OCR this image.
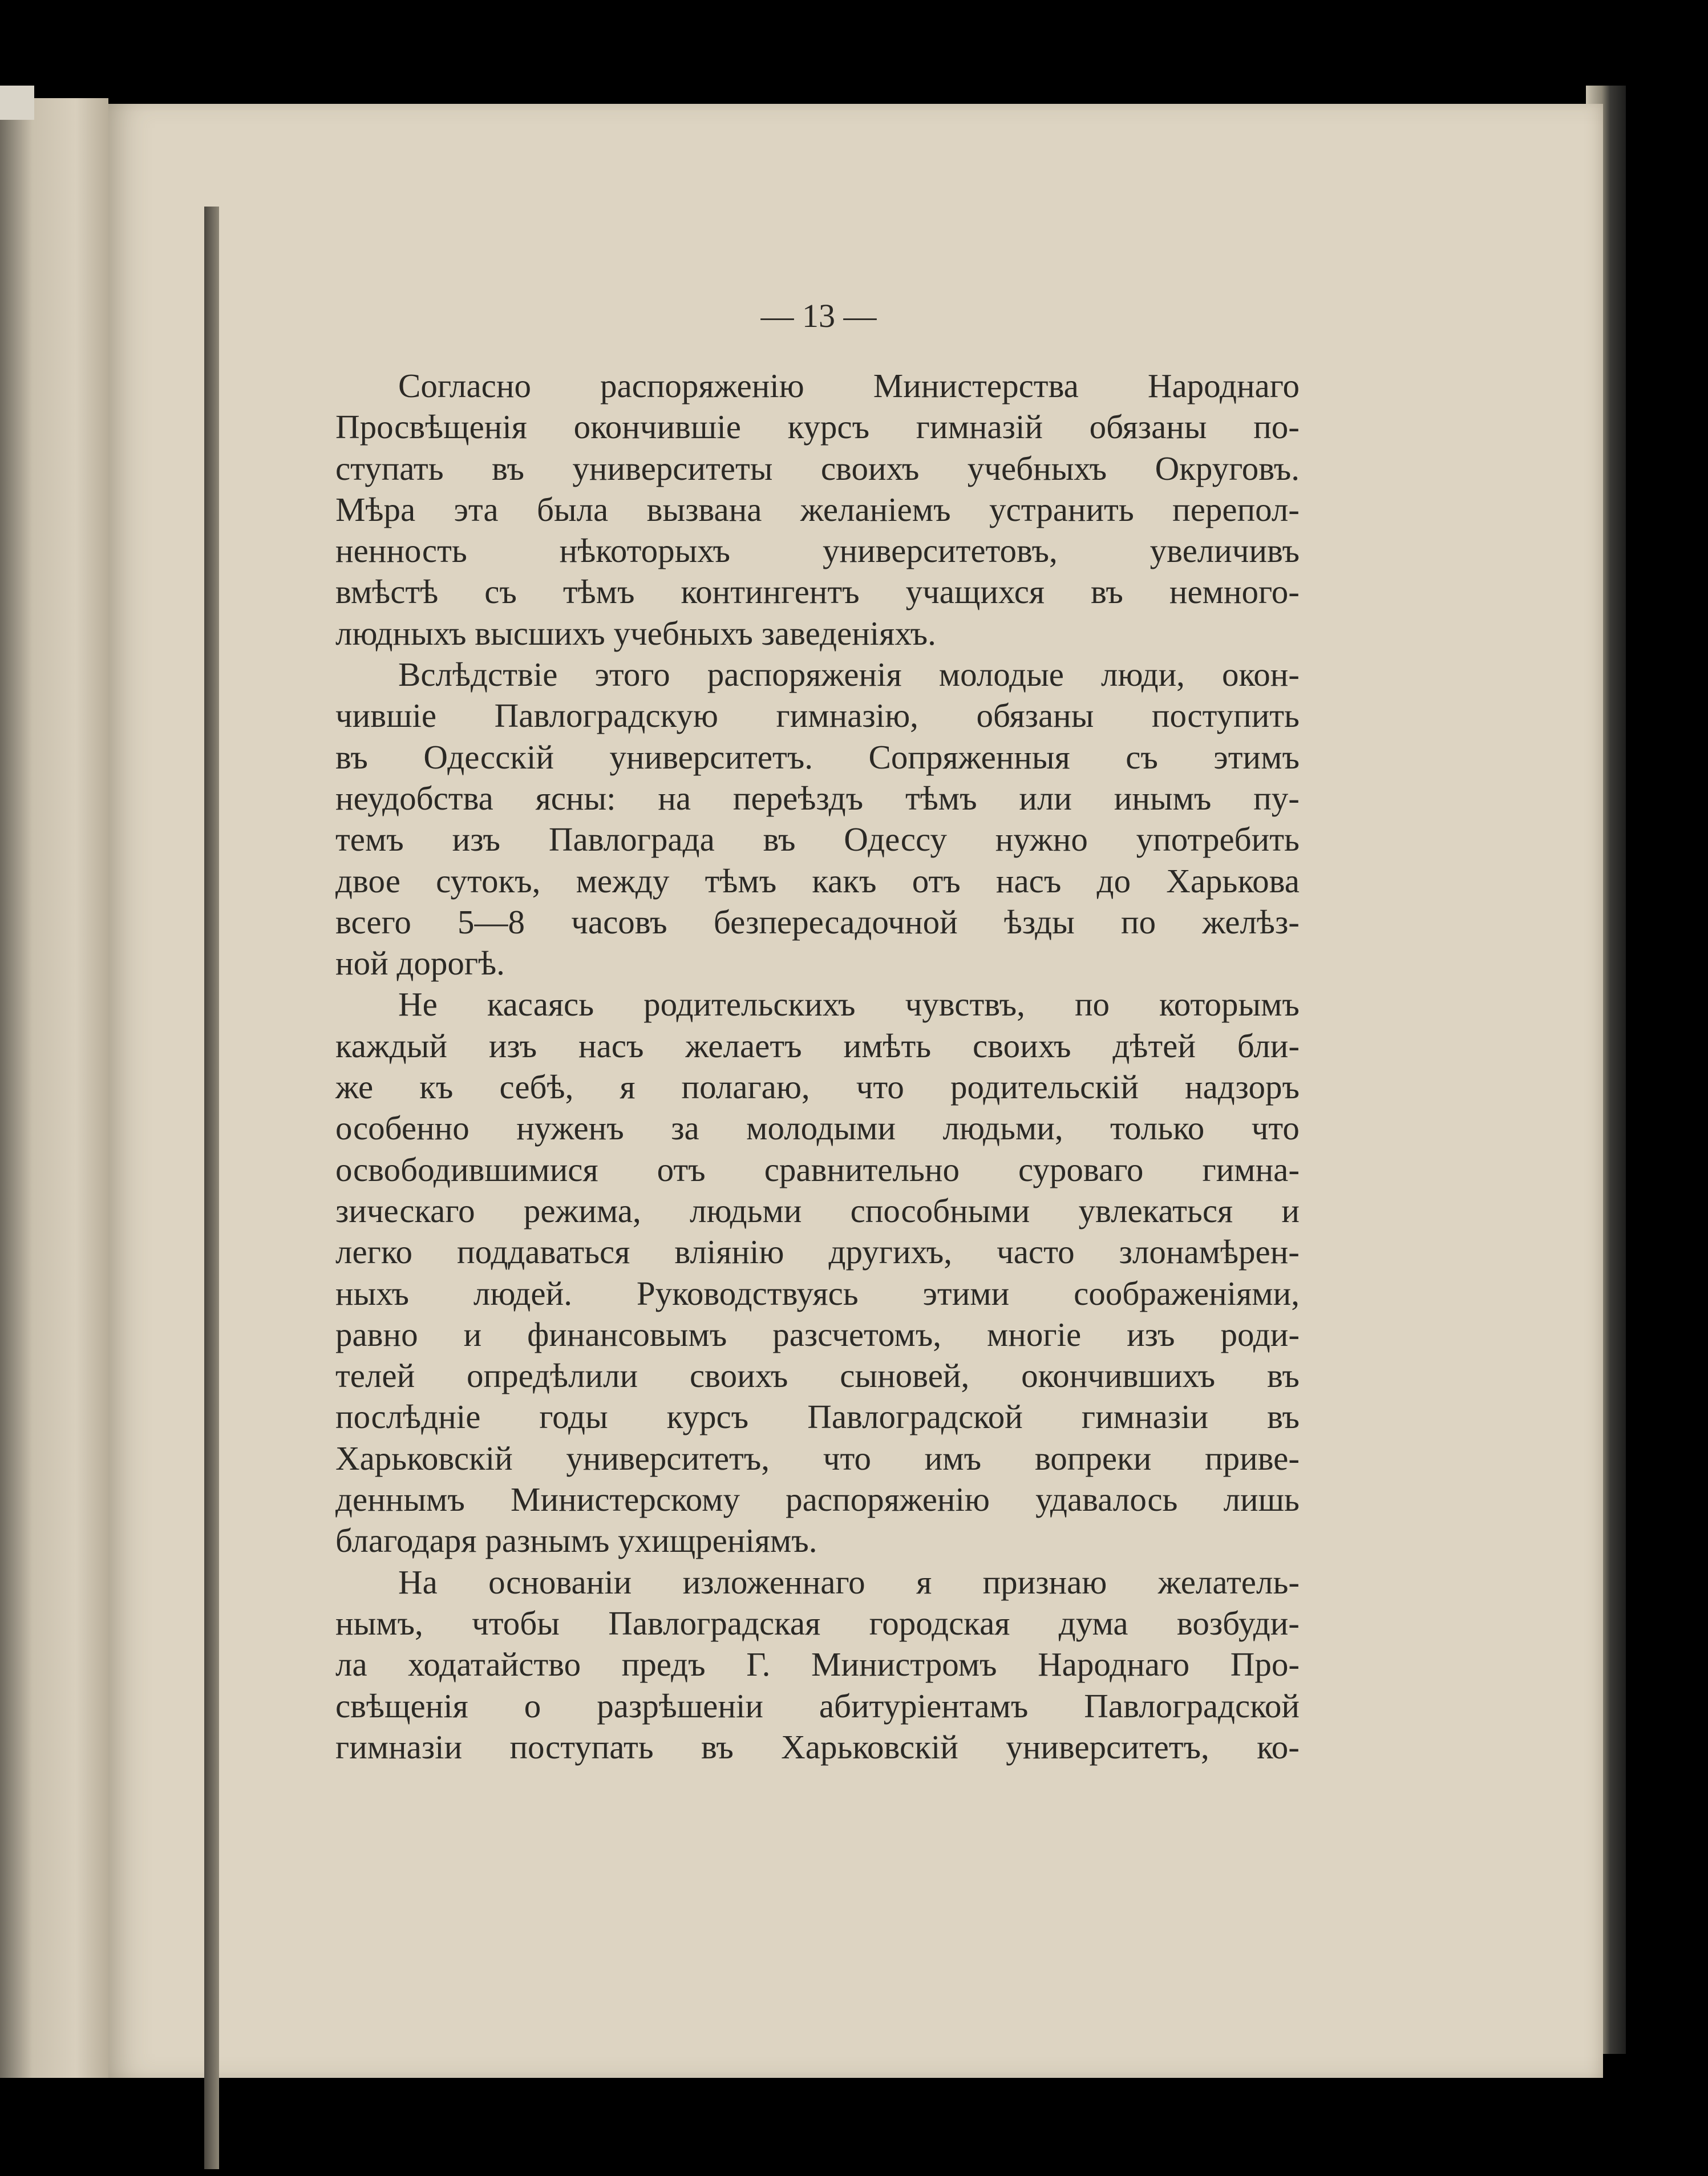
— 13 —
Согласно распоряженію Министерства Народнаго
Просвѣщенія окончившіе курсъ гимназій обязаны по-
ступать въ университеты своихъ учебныхъ Округовъ.
Мѣра эта была вызвана желаніемъ устранить перепол-
ненность	нѣкоторыхъ	университетовъ,	увеличивъ
вмѣстѣ съ тѣмъ контингентъ учащихся въ немного-
людныхъ
высшихъ
учебныхъ
заведеніяхъ.
Вслѣдствіе этого распоряженія молодые люди, окон-
чившіе Павлоградскую гимназію, обязаны поступить
въ Одесскій университетъ. Сопряженныя съ этимъ
неудобства ясны: на переѣздъ тѣмъ или инымъ пу-
темъ изъ Павлограда въ Одессу нужно употребить
двое сутокъ, между тѣмъ какъ отъ насъ до Харькова
всего 5—8 часовъ безпересадочной ѣзды по желѣз-
ной
дорогѣ.
Не касаясь родительскихъ чувствъ, по которымъ
каждый изъ насъ желаетъ имѣть своихъ дѣтей бли-
же къ себѣ, я полагаю, что родительскій надзоръ
особенно нуженъ за молодыми людьми, только что
освободившимися отъ сравнительно суроваго гимна-
зическаго режима, людьми способными увлекаться и
легко поддаваться вліянію другихъ, часто злонамѣрен-
ныхъ людей. Руководствуясь этими соображеніями,
равно и финансовымъ разсчетомъ, многіе изъ роди-
телей опредѣлили своихъ сыновей, окончившихъ въ
послѣдніе годы курсъ Павлоградской гимназіи въ
Харьковскій университетъ, что имъ вопреки приве-
деннымъ Министерскому распоряженію удавалось лишь
благодаря
разнымъ
ухищреніямъ.
На основаніи изложеннаго я признаю желатель-
нымъ, чтобы Павлоградская городская дума возбуди-
ла ходатайство предъ Г. Министромъ Народнаго Про-
свѣщенія о разрѣшеніи абитуріентамъ Павлоградской
гимназіи поступать въ Харьковскій университетъ, ко-
